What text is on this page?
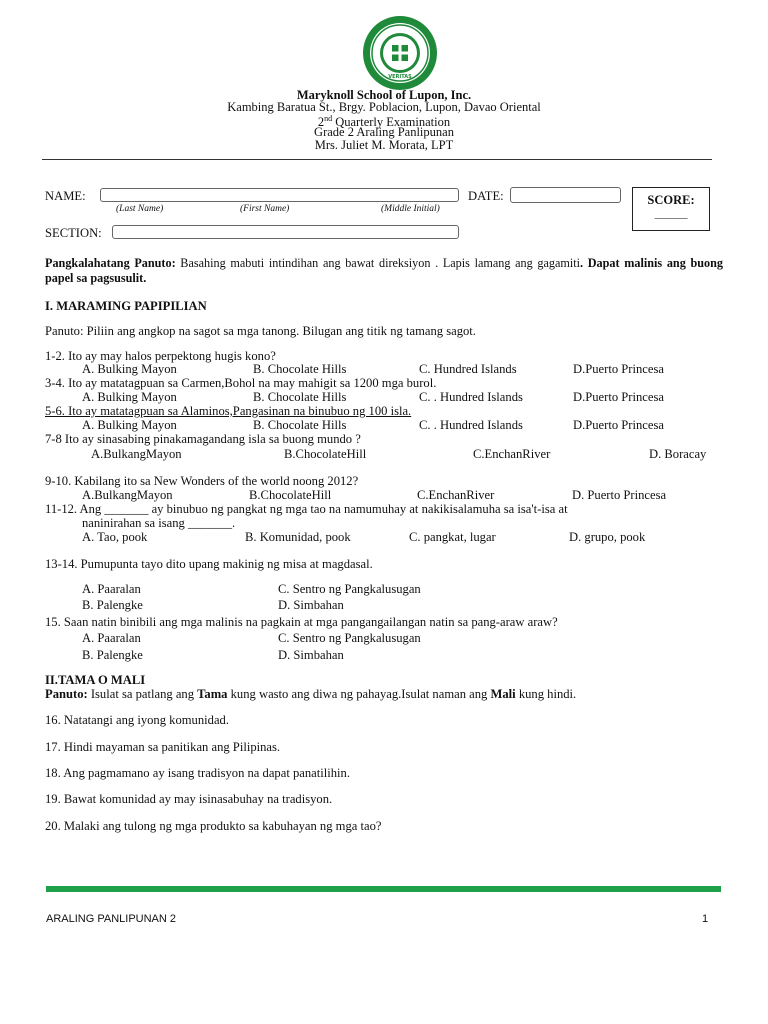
VERITAS
Maryknoll School of Lupon, Inc.
Kambing Baratua St., Brgy. Poblacion, Lupon, Davao Oriental
2nd Quarterly Examination
Grade 2 Araling Panlipunan
Mrs. Juliet M. Morata, LPT
NAME:
(Last Name)	(First Name)	(Middle Initial)
DATE:	SCORE:
______
SECTION:
Pangkalahatang Panuto: Basahing mabuti intindihan ang bawat direksiyon . Lapis lamang ang gagamiti. Dapat malinis ang buong papel sa pagsusulit.
I. MARAMING PAPIPILIAN
Panuto: Piliin ang angkop na sagot sa mga tanong. Bilugan ang titik ng tamang sagot.
1-2. Ito ay may halos perpektong hugis kono?
A. Bulking Mayon	B. Chocolate Hills	C. Hundred Islands	D.Puerto Princesa
3-4. Ito ay matatagpuan sa Carmen,Bohol na may mahigit sa 1200 mga burol.
A. Bulking Mayon	B. Chocolate Hills	C. . Hundred Islands	D.Puerto Princesa
5-6. Ito ay matatagpuan sa Alaminos,Pangasinan na binubuo ng 100 isla.
A. Bulking Mayon	B. Chocolate Hills	C. . Hundred Islands	D.Puerto Princesa
7-8 Ito ay sinasabing pinakamagandang isla sa buong mundo ?
A.BulkangMayon	B.ChocolateHill	C.EnchanRiver	D. Boracay
9-10. Kabilang ito sa New Wonders of the world noong 2012?
A.BulkangMayon	B.ChocolateHill	C.EnchanRiver	D. Puerto Princesa
11-12. Ang _______ ay binubuo ng pangkat ng mga tao na namumuhay at nakikisalamuha sa isa't-isa at
naninirahan sa isang _______.
A. Tao, pook	B. Komunidad, pook	C. pangkat, lugar	D. grupo, pook
13-14. Pumupunta tayo dito upang makinig ng misa at magdasal.
A. Paaralan	C. Sentro ng Pangkalusugan
B. Palengke	D. Simbahan
15. Saan natin binibili ang mga malinis na pagkain at mga pangangailangan natin sa pang-araw araw?
A. Paaralan	C. Sentro ng Pangkalusugan
B. Palengke	D. Simbahan
II.TAMA O MALI
Panuto: Isulat sa patlang ang Tama kung wasto ang diwa ng pahayag.Isulat naman ang Mali kung hindi.
16. Natatangi ang iyong komunidad.
17. Hindi mayaman sa panitikan ang Pilipinas.
18. Ang pagmamano ay isang tradisyon na dapat panatilihin.
19. Bawat komunidad ay may isinasabuhay na tradisyon.
20. Malaki ang tulong ng mga produkto sa kabuhayan ng mga tao?
ARALING PANLIPUNAN 2	1
